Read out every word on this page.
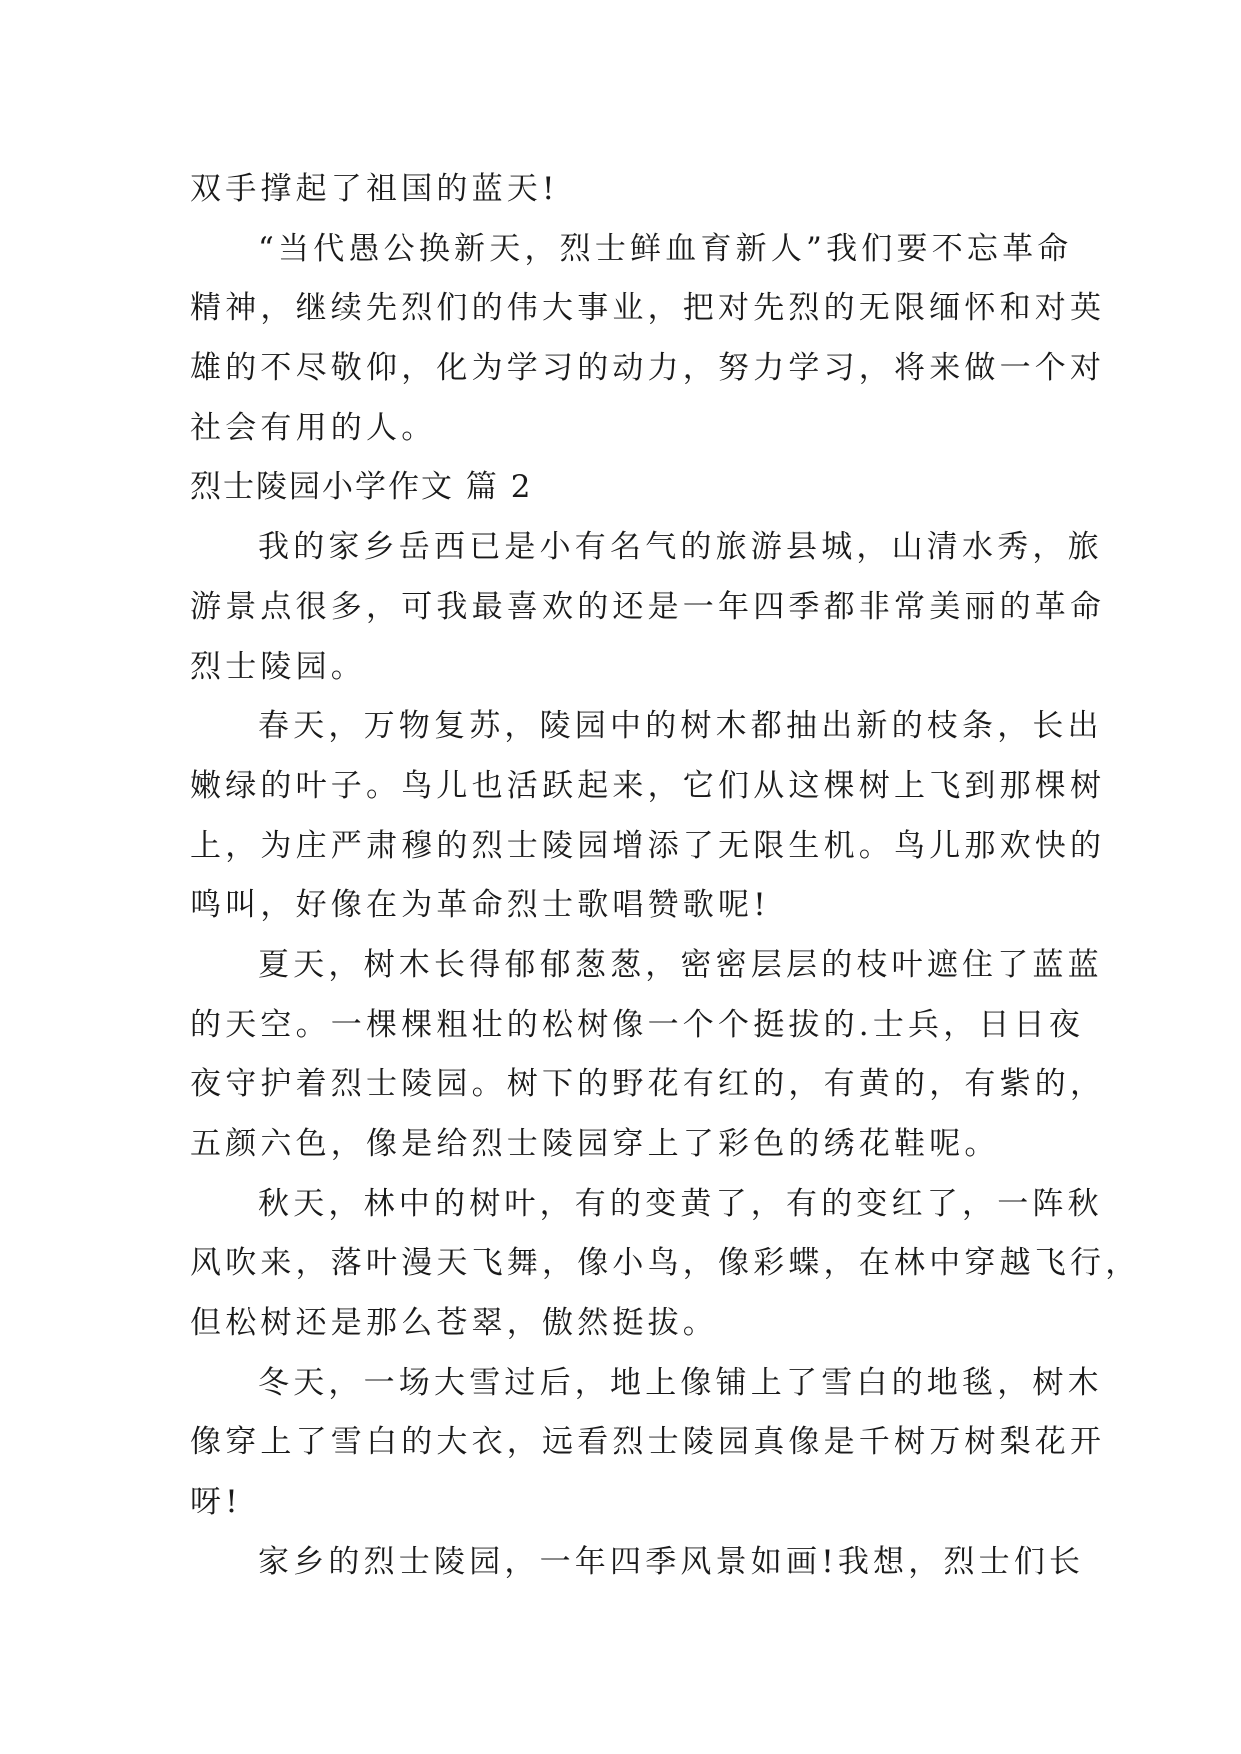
双手撑起了祖国的蓝天!
“当代愚公换新天，烈士鲜血育新人”我们要不忘革命
精神，继续先烈们的伟大事业，把对先烈的无限缅怀和对英
雄的不尽敬仰，化为学习的动力，努力学习，将来做一个对
社会有用的人。
烈士陵园小学作文 篇 2
我的家乡岳西已是小有名气的旅游县城，山清水秀，旅
游景点很多，可我最喜欢的还是一年四季都非常美丽的革命
烈士陵园。
春天，万物复苏，陵园中的树木都抽出新的枝条，长出
嫩绿的叶子。鸟儿也活跃起来，它们从这棵树上飞到那棵树
上，为庄严肃穆的烈士陵园增添了无限生机。鸟儿那欢快的
鸣叫，好像在为革命烈士歌唱赞歌呢!
夏天，树木长得郁郁葱葱，密密层层的枝叶遮住了蓝蓝
的天空。一棵棵粗壮的松树像一个个挺拔的.士兵，日日夜
夜守护着烈士陵园。树下的野花有红的，有黄的，有紫的，
五颜六色，像是给烈士陵园穿上了彩色的绣花鞋呢。
秋天，林中的树叶，有的变黄了，有的变红了，一阵秋
风吹来，落叶漫天飞舞，像小鸟，像彩蝶，在林中穿越飞行，
但松树还是那么苍翠，傲然挺拔。
冬天，一场大雪过后，地上像铺上了雪白的地毯，树木
像穿上了雪白的大衣，远看烈士陵园真像是千树万树梨花开
呀!
家乡的烈士陵园，一年四季风景如画!我想，烈士们长
